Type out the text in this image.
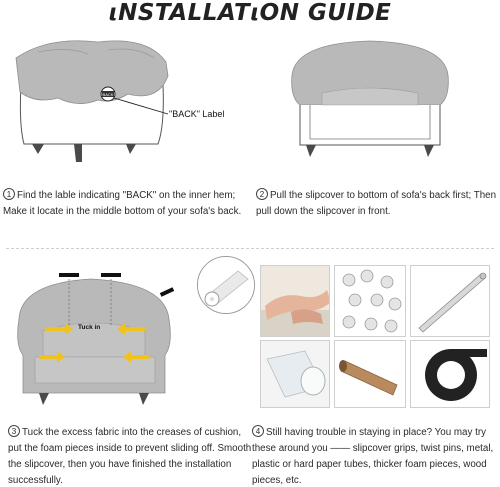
ιNSTALLATιON GUIDE
BACK
"BACK" Label
1 Find the lable indicating "BACK" on the inner hem; Make it locate in the middle bottom of your sofa's back.
2 Pull the slipcover to bottom of sofa's back first; Then pull down the slipcover in front.
Tuck in
3 Tuck the excess fabric into the creases of cushion, put the foam pieces inside to prevent sliding off. Smooth the slipcover, then you have finished the installation successfully.
4 Still having trouble in staying in place? You may try these around you —— slipcover grips, twist pins, metal, plastic or hard paper tubes, thicker foam pieces, wood pieces, etc.
